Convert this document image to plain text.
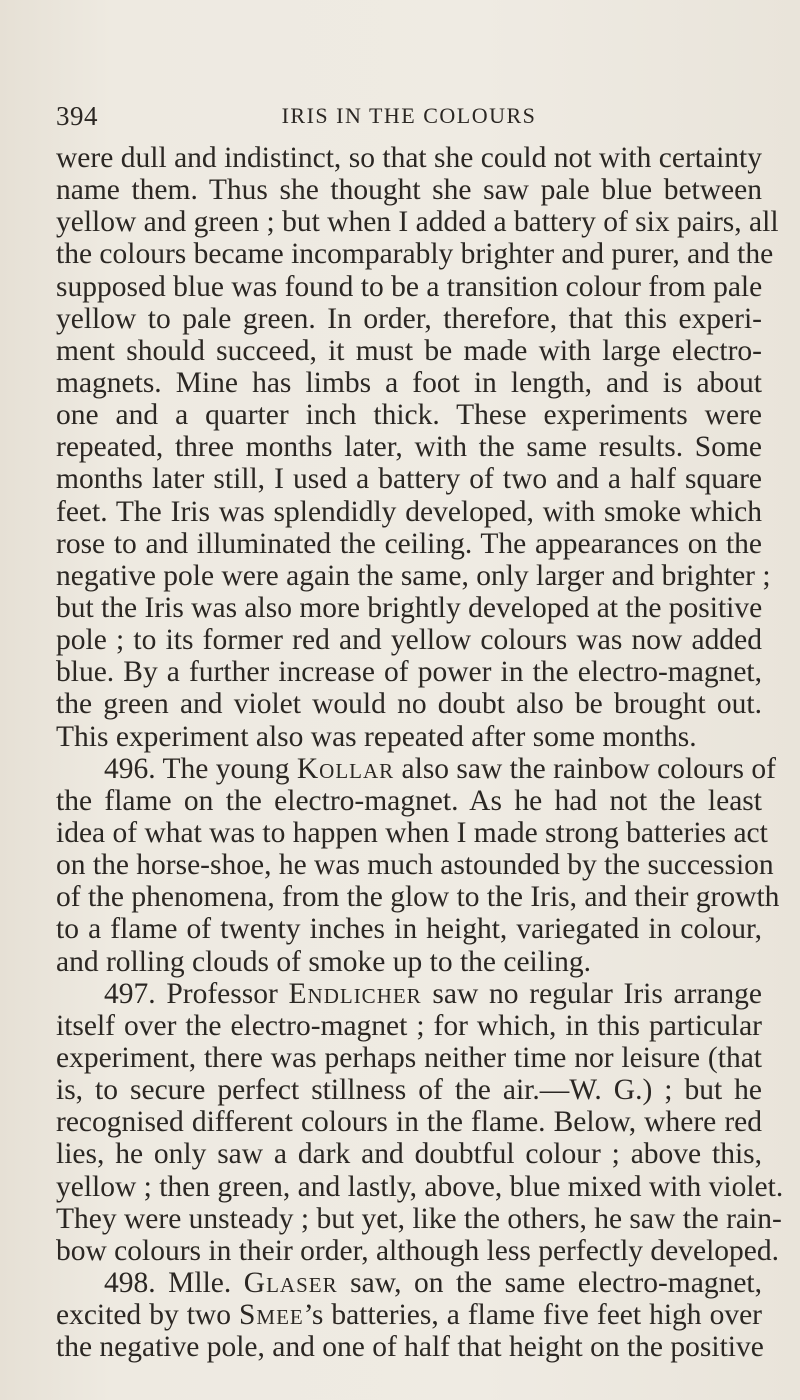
394	IRIS IN THE COLOURS
were dull and indistinct, so that she could not with certainty
name them. Thus she thought she saw pale blue between
yellow and green ; but when I added a battery of six pairs, all
the colours became incomparably brighter and purer, and the
supposed blue was found to be a transition colour from pale
yellow to pale green. In order, therefore, that this experi-
ment should succeed, it must be made with large electro-
magnets. Mine has limbs a foot in length, and is about
one and a quarter inch thick. These experiments were
repeated, three months later, with the same results. Some
months later still, I used a battery of two and a half square
feet. The Iris was splendidly developed, with smoke which
rose to and illuminated the ceiling. The appearances on the
negative pole were again the same, only larger and brighter ;
but the Iris was also more brightly developed at the positive
pole ; to its former red and yellow colours was now added
blue. By a further increase of power in the electro-magnet,
the green and violet would no doubt also be brought out.
This experiment also was repeated after some months.
496. The young Kollar also saw the rainbow colours of
the flame on the electro-magnet. As he had not the least
idea of what was to happen when I made strong batteries act
on the horse-shoe, he was much astounded by the succession
of the phenomena, from the glow to the Iris, and their growth
to a flame of twenty inches in height, variegated in colour,
and rolling clouds of smoke up to the ceiling.
497. Professor Endlicher saw no regular Iris arrange
itself over the electro-magnet ; for which, in this particular
experiment, there was perhaps neither time nor leisure (that
is, to secure perfect stillness of the air.—W. G.) ; but he
recognised different colours in the flame. Below, where red
lies, he only saw a dark and doubtful colour ; above this,
yellow ; then green, and lastly, above, blue mixed with violet.
They were unsteady ; but yet, like the others, he saw the rain-
bow colours in their order, although less perfectly developed.
498. Mlle. Glaser saw, on the same electro-magnet,
excited by two Smee’s batteries, a flame five feet high over
the negative pole, and one of half that height on the positive
